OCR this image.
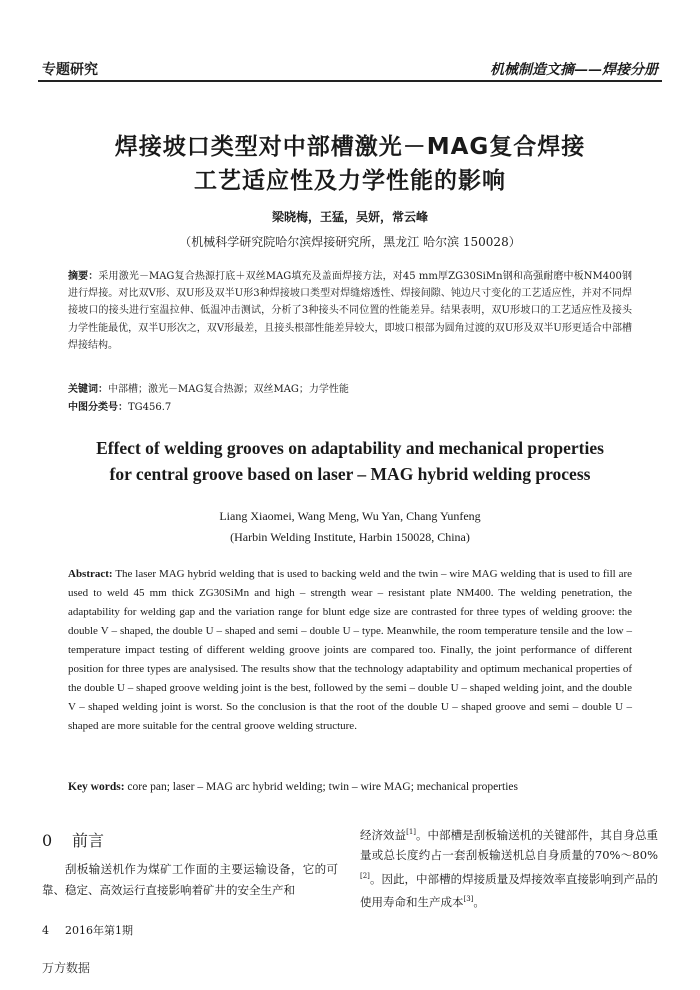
专题研究	机械制造文摘——焊接分册
焊接坡口类型对中部槽激光－MAG复合焊接
工艺适应性及力学性能的影响
梁晓梅，王猛，吴妍，常云峰
（机械科学研究院哈尔滨焊接研究所，黑龙江 哈尔滨 150028）
摘要：采用激光－MAG复合热源打底＋双丝MAG填充及盖面焊接方法，对45 mm厚ZG30SiMn钢和高强耐磨中板NM400钢进行焊接。对比双V形、双U形及双半U形3种焊接坡口类型对焊缝熔透性、焊接间隙、钝边尺寸变化的工艺适应性，并对不同焊接坡口的接头进行室温拉伸、低温冲击测试，分析了3种接头不同位置的性能差异。结果表明，双U形坡口的工艺适应性及接头力学性能最优，双半U形次之，双V形最差，且接头根部性能差异较大，即坡口根部为圆角过渡的双U形及双半U形更适合中部槽焊接结构。
关键词：中部槽；激光－MAG复合热源；双丝MAG；力学性能
中图分类号：TG456.7
Effect of welding grooves on adaptability and mechanical properties
for central groove based on laser – MAG hybrid welding process
Liang Xiaomei, Wang Meng, Wu Yan, Chang Yunfeng
(Harbin Welding Institute, Harbin 150028, China)
Abstract: The laser MAG hybrid welding that is used to backing weld and the twin – wire MAG welding that is used to fill are used to weld 45 mm thick ZG30SiMn and high – strength wear – resistant plate NM400. The welding penetration, the adaptability for welding gap and the variation range for blunt edge size are contrasted for three types of welding groove: the double V – shaped, the double U – shaped and semi – double U – type. Meanwhile, the room temperature tensile and the low – temperature impact testing of different welding groove joints are compared too. Finally, the joint performance of different position for three types are analysised. The results show that the technology adaptability and optimum mechanical properties of the double U – shaped groove welding joint is the best, followed by the semi – double U – shaped welding joint, and the double V – shaped welding joint is worst. So the conclusion is that the root of the double U – shaped groove and semi – double U – shaped are more suitable for the central groove welding structure.
Key words: core pan; laser – MAG arc hybrid welding; twin – wire MAG; mechanical properties
0 前言
刮板输送机作为煤矿工作面的主要运输设备，它的可靠、稳定、高效运行直接影响着矿井的安全生产和
经济效益[1]。中部槽是刮板输送机的关键部件，其自身总重量或总长度约占一套刮板输送机总自身质量的70%～80%[2]。因此，中部槽的焊接质量及焊接效率直接影响到产品的使用寿命和生产成本[3]。
4 2016年第1期
万方数据
